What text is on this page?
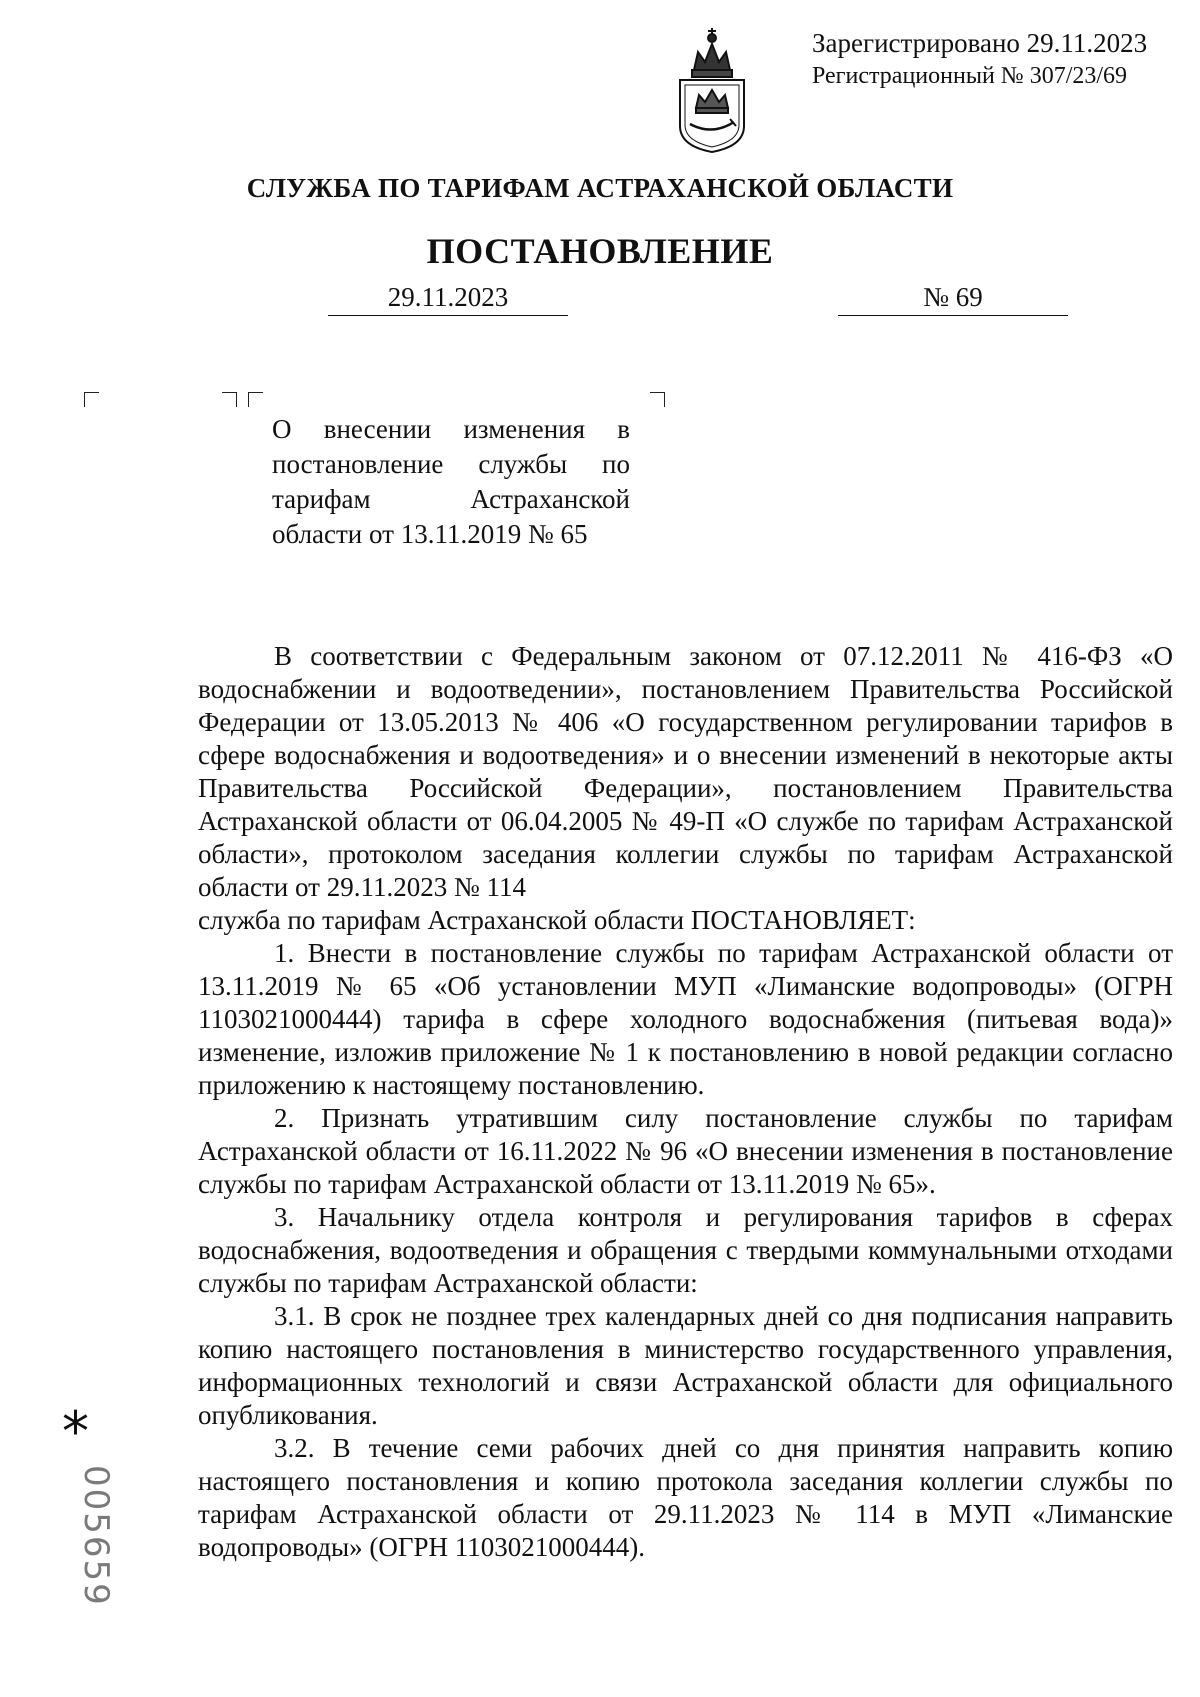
Зарегистрировано 29.11.2023
Регистрационный № 307/23/69
СЛУЖБА ПО ТАРИФАМ АСТРАХАНСКОЙ ОБЛАСТИ
ПОСТАНОВЛЕНИЕ
29.11.2023	№ 69
О внесении изменения в постановление службы по тарифам Астраханской области от 13.11.2019 № 65

В соответствии с Федеральным законом от 07.12.2011 № 416-ФЗ «О водоснабжении и водоотведении», постановлением Правительства Российской Федерации от 13.05.2013 № 406 «О государственном регулировании тарифов в сфере водоснабжения и водоотведения» и о внесении изменений в некоторые акты Правительства Российской Федерации», постановлением Правительства Астраханской области от 06.04.2005 № 49-П «О службе по тарифам Астраханской области», протоколом заседания коллегии службы по тарифам Астраханской области от 29.11.2023 № 114

служба по тарифам Астраханской области ПОСТАНОВЛЯЕТ:

1. Внести в постановление службы по тарифам Астраханской области от 13.11.2019 № 65 «Об установлении МУП «Лиманские водопроводы» (ОГРН 1103021000444) тарифа в сфере холодного водоснабжения (питьевая вода)» изменение, изложив приложение № 1 к постановлению в новой редакции согласно приложению к настоящему постановлению.

2. Признать утратившим силу постановление службы по тарифам Астраханской области от 16.11.2022 № 96 «О внесении изменения в постановление службы по тарифам Астраханской области от 13.11.2019 № 65».

3. Начальнику отдела контроля и регулирования тарифов в сферах водоснабжения, водоотведения и обращения с твердыми коммунальными отходами службы по тарифам Астраханской области:

3.1. В срок не позднее трех календарных дней со дня подписания направить копию настоящего постановления в министерство государственного управления, информационных технологий и связи Астраханской области для официального опубликования.

3.2. В течение семи рабочих дней со дня принятия направить копию настоящего постановления и копию протокола заседания коллегии службы по тарифам Астраханской области от 29.11.2023 № 114 в МУП «Лиманские водопроводы» (ОГРН 1103021000444).

*
005659
